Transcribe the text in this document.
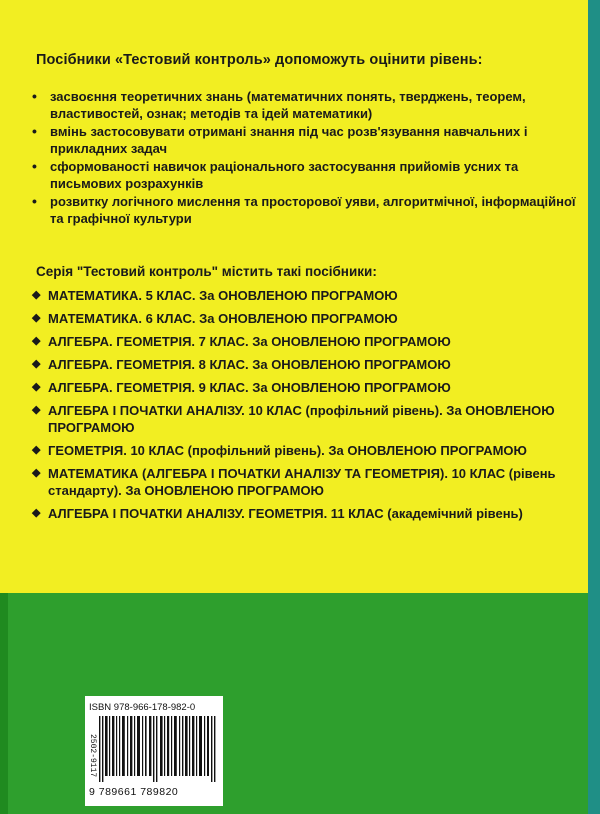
Посібники «Тестовий контроль» допоможуть оцінити рівень:
• засвоєння теоретичних знань (математичних понять, тверджень, теорем, властивостей, ознак; методів та ідей математики)
• вмінь застосовувати отримані знання під час розв'язування навчальних і прикладних задач
• сформованості навичок раціонального застосування прийомів усних та письмових розрахунків
• розвитку логічного мислення та просторової уяви, алгоритмічної, інформаційної та графічної культури
Серія "Тестовий контроль" містить такі посібники:
◆ МАТЕМАТИКА. 5 КЛАС. За ОНОВЛЕНОЮ ПРОГРАМОЮ
◆ МАТЕМАТИКА. 6 КЛАС. За ОНОВЛЕНОЮ ПРОГРАМОЮ
◆ АЛГЕБРА. ГЕОМЕТРІЯ. 7 КЛАС. За ОНОВЛЕНОЮ ПРОГРАМОЮ
◆ АЛГЕБРА. ГЕОМЕТРІЯ. 8 КЛАС. За ОНОВЛЕНОЮ ПРОГРАМОЮ
◆ АЛГЕБРА. ГЕОМЕТРІЯ. 9 КЛАС. За ОНОВЛЕНОЮ ПРОГРАМОЮ
◆ АЛГЕБРА І ПОЧАТКИ АНАЛІЗУ. 10 КЛАС (профільний рівень). За ОНОВЛЕНОЮ ПРОГРАМОЮ
◆ ГЕОМЕТРІЯ. 10 КЛАС (профільний рівень). За ОНОВЛЕНОЮ ПРОГРАМОЮ
◆ МАТЕМАТИКА (АЛГЕБРА І ПОЧАТКИ АНАЛІЗУ ТА ГЕОМЕТРІЯ). 10 КЛАС (рівень стандарту). За ОНОВЛЕНОЮ ПРОГРАМОЮ
◆ АЛГЕБРА І ПОЧАТКИ АНАЛІЗУ. ГЕОМЕТРІЯ. 11 КЛАС (академічний рівень)
ISBN 978-966-178-982-0
2502-9117
9 789661 789820
